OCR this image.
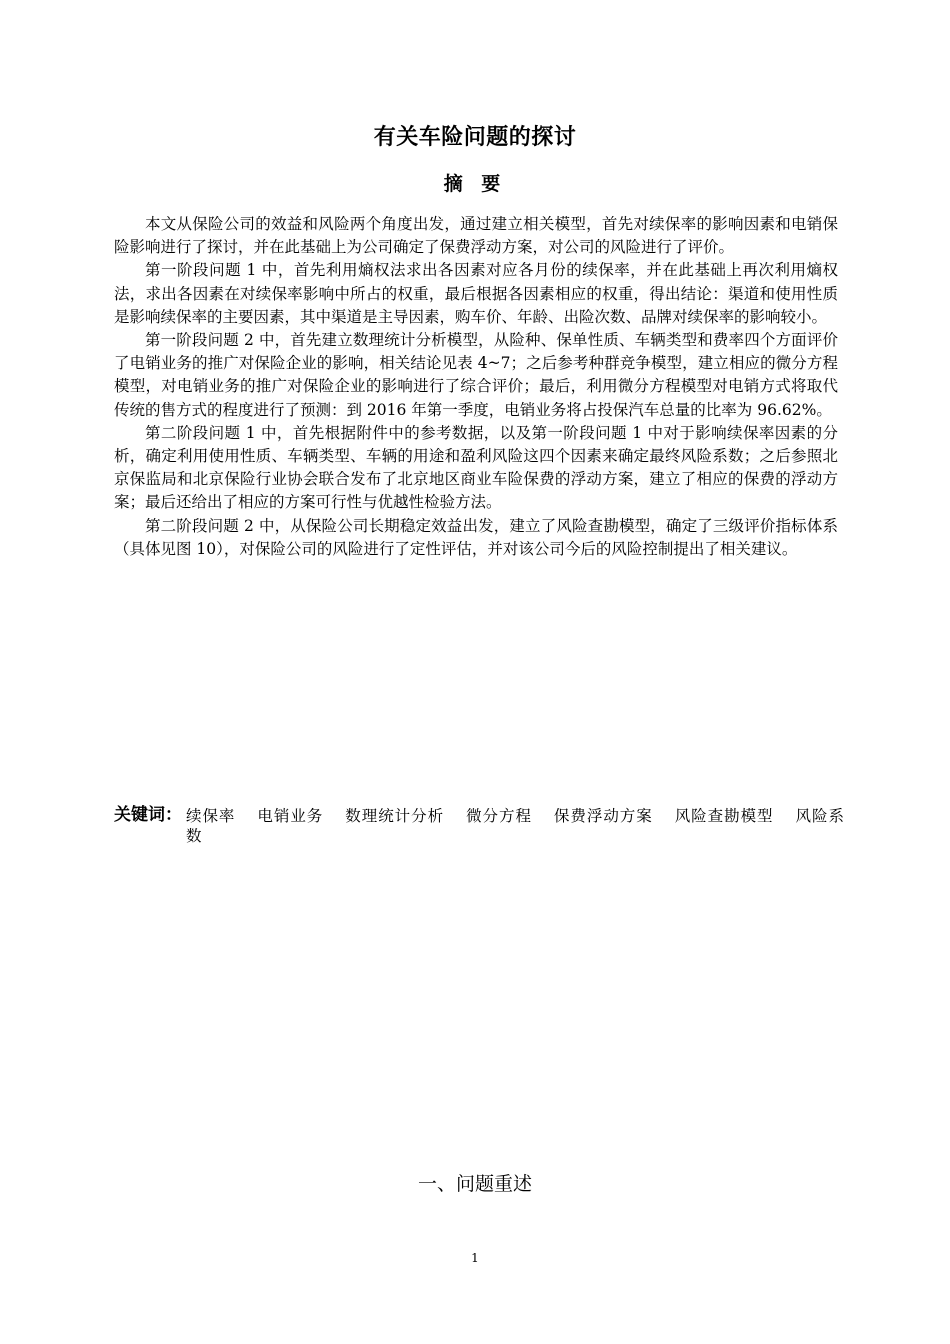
有关车险问题的探讨
摘 要

本文从保险公司的效益和风险两个角度出发，通过建立相关模型，首先对续保率的影响因素和电销保险影响进行了探讨，并在此基础上为公司确定了保费浮动方案，对公司的风险进行了评价。

第一阶段问题 1 中，首先利用熵权法求出各因素对应各月份的续保率，并在此基础上再次利用熵权法，求出各因素在对续保率影响中所占的权重，最后根据各因素相应的权重，得出结论：渠道和使用性质是影响续保率的主要因素，其中渠道是主导因素，购车价、年龄、出险次数、品牌对续保率的影响较小。

第一阶段问题 2 中，首先建立数理统计分析模型，从险种、保单性质、车辆类型和费率四个方面评价了电销业务的推广对保险企业的影响，相关结论见表 4~7；之后参考种群竞争模型，建立相应的微分方程模型，对电销业务的推广对保险企业的影响进行了综合评价；最后，利用微分方程模型对电销方式将取代传统的售方式的程度进行了预测：到 2016 年第一季度，电销业务将占投保汽车总量的比率为 96.62%。

第二阶段问题 1 中，首先根据附件中的参考数据，以及第一阶段问题 1 中对于影响续保率因素的分析，确定利用使用性质、车辆类型、车辆的用途和盈利风险这四个因素来确定最终风险系数；之后参照北京保监局和北京保险行业协会联合发布了北京地区商业车险保费的浮动方案，建立了相应的保费的浮动方案；最后还给出了相应的方案可行性与优越性检验方法。

第二阶段问题 2 中，从保险公司长期稳定效益出发，建立了风险查勘模型，确定了三级评价指标体系（具体见图 10），对保险公司的风险进行了定性评估，并对该公司今后的风险控制提出了相关建议。

关键词： 续保率 电销业务 数理统计分析 微分方程 保费浮动方案 风险查勘模型 风险系数
一、问题重述
1
